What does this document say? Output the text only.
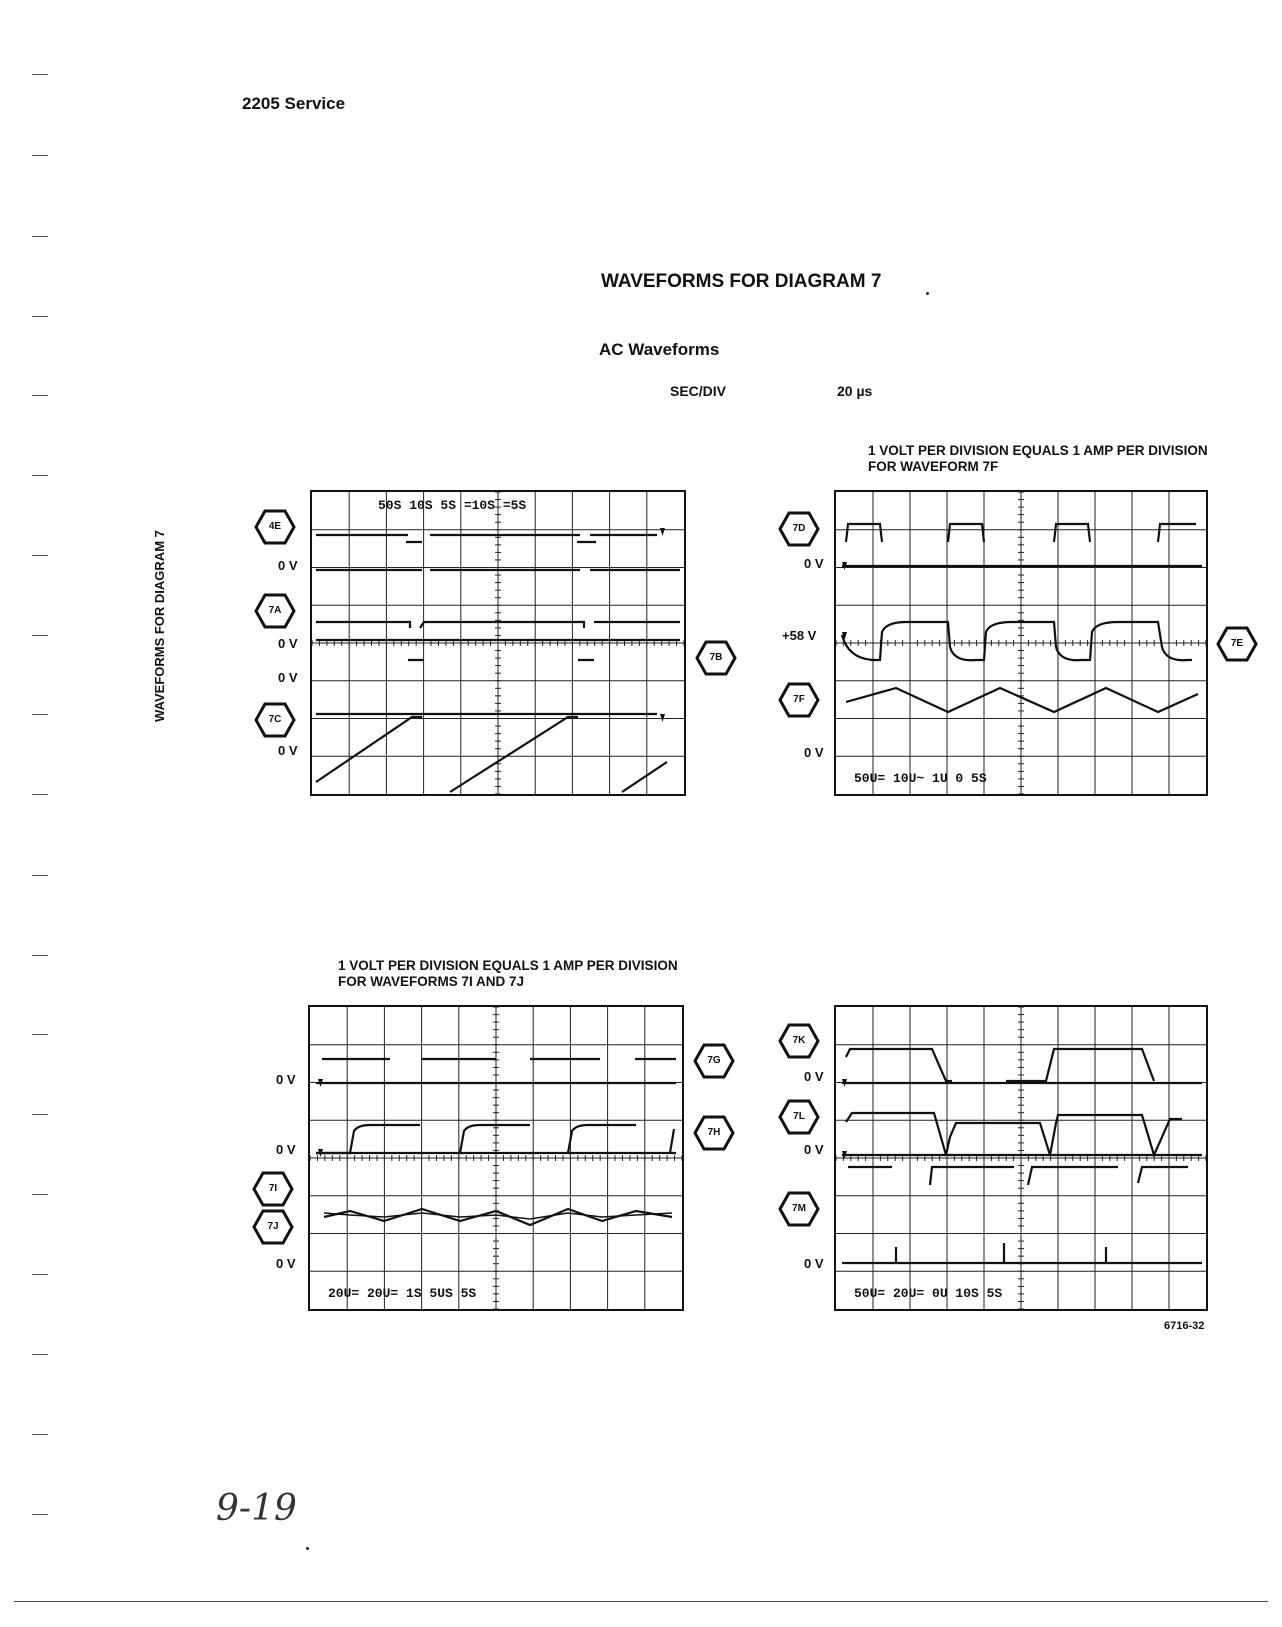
2205 Service
WAVEFORMS FOR DIAGRAM 7
AC Waveforms
SEC/DIV	20 µs
WAVEFORMS FOR DIAGRAM 7
1 VOLT PER DIVISION EQUALS 1 AMP PER DIVISION FOR WAVEFORM 7F
1 VOLT PER DIVISION EQUALS 1 AMP PER DIVISION FOR WAVEFORMS 7I AND 7J
6716-32
9-19
50S 10S 5S =10S =5S
0 V
0 V
0 V
0 V
50U= 10U~ 1U 0 5S
0 V
+58 V
0 V
20U= 20U= 1S 5US 5S
0 V
0 V
0 V
50U= 20U= 0U 10S 5S
0 V
0 V
0 V
4E
7A
7C
7B
7D
7F
7E
7G
7H
7I
7J
7K
7L
7M
